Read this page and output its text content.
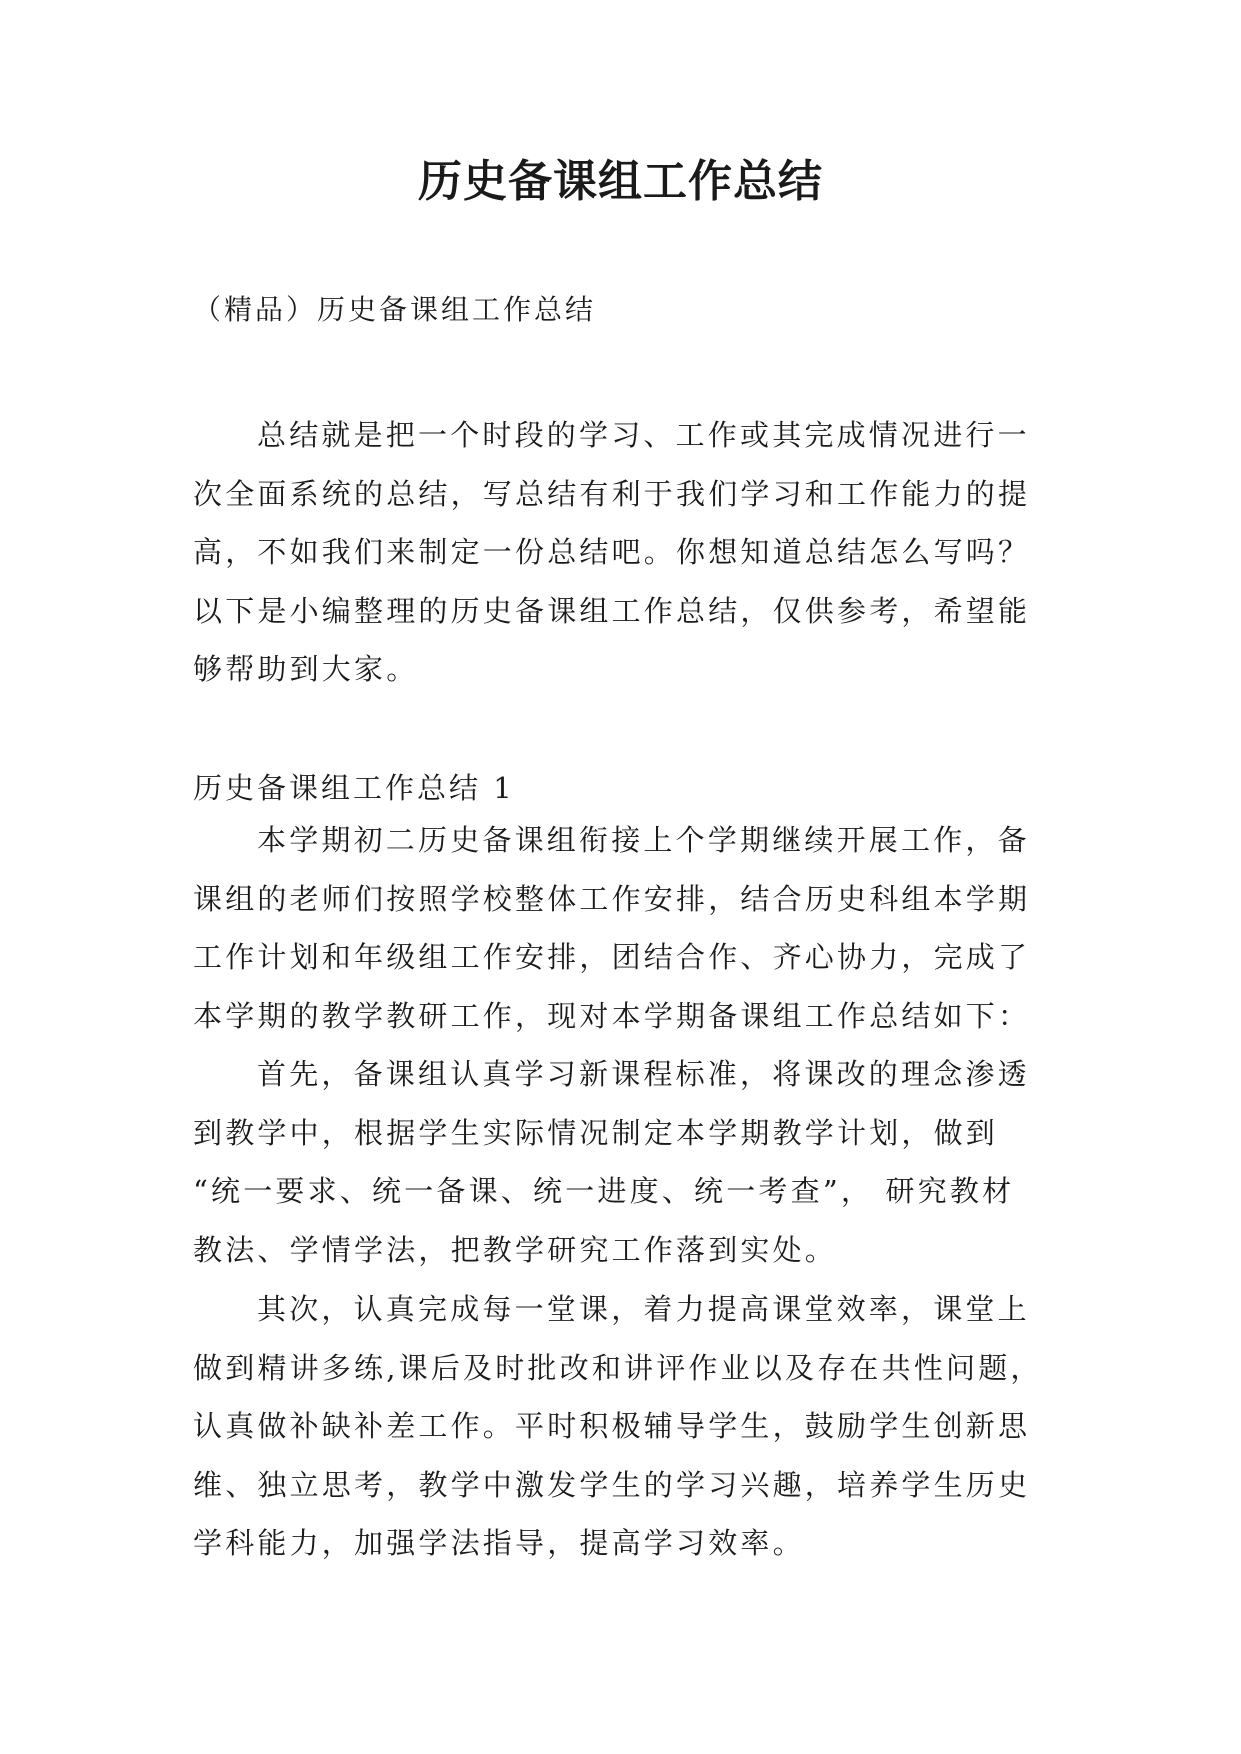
历史备课组工作总结

（精品）历史备课组工作总结

总结就是把一个时段的学习、工作或其完成情况进行一
次全面系统的总结，写总结有利于我们学习和工作能力的提
高，不如我们来制定一份总结吧。你想知道总结怎么写吗？
以下是小编整理的历史备课组工作总结，仅供参考，希望能
够帮助到大家。

历史备课组工作总结 1

本学期初二历史备课组衔接上个学期继续开展工作，备
课组的老师们按照学校整体工作安排，结合历史科组本学期
工作计划和年级组工作安排，团结合作、齐心协力，完成了
本学期的教学教研工作，现对本学期备课组工作总结如下：
首先，备课组认真学习新课程标准，将课改的理念渗透
到教学中，根据学生实际情况制定本学期教学计划，做到
“统一要求、统一备课、统一进度、统一考查”， 研究教材
教法、学情学法，把教学研究工作落到实处。
其次，认真完成每一堂课，着力提高课堂效率，课堂上
做到精讲多练,课后及时批改和讲评作业以及存在共性问题，
认真做补缺补差工作。平时积极辅导学生，鼓励学生创新思
维、独立思考，教学中激发学生的学习兴趣，培养学生历史
学科能力，加强学法指导，提高学习效率。
